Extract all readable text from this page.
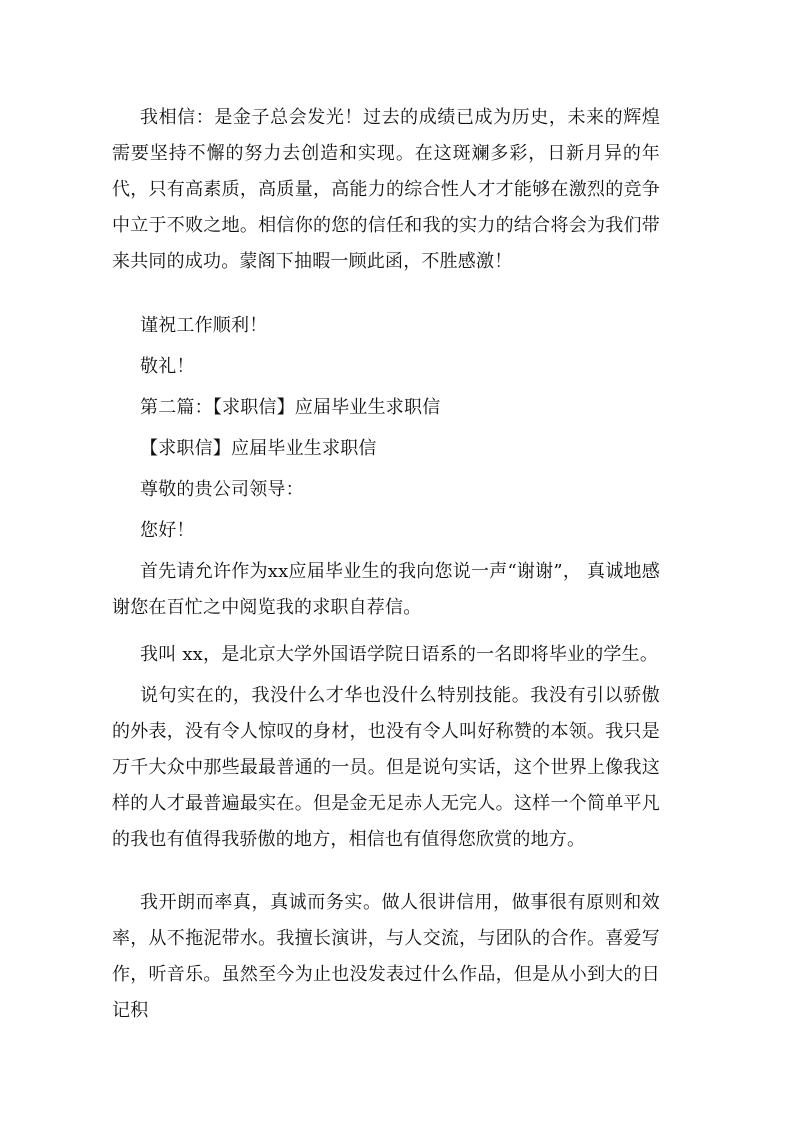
我相信：是金子总会发光！过去的成绩已成为历史，未来的辉煌需要坚持不懈的努力去创造和实现。在这斑斓多彩，日新月异的年代，只有高素质，高质量，高能力的综合性人才才能够在激烈的竞争中立于不败之地。相信你的您的信任和我的实力的结合将会为我们带来共同的成功。蒙阁下抽暇一顾此函，不胜感激！

谨祝工作顺利！

敬礼！

第二篇：【求职信】应届毕业生求职信

【求职信】应届毕业生求职信

尊敬的贵公司领导：

您好！

首先请允许作为xx应届毕业生的我向您说一声“谢谢”， 真诚地感谢您在百忙之中阅览我的求职自荐信。

我叫 xx，是北京大学外国语学院日语系的一名即将毕业的学生。

说句实在的，我没什么才华也没什么特别技能。我没有引以骄傲的外表，没有令人惊叹的身材，也没有令人叫好称赞的本领。我只是万千大众中那些最最普通的一员。但是说句实话，这个世界上像我这样的人才最普遍最实在。但是金无足赤人无完人。这样一个简单平凡的我也有值得我骄傲的地方，相信也有值得您欣赏的地方。

我开朗而率真，真诚而务实。做人很讲信用，做事很有原则和效率，从不拖泥带水。我擅长演讲，与人交流，与团队的合作。喜爱写作，听音乐。虽然至今为止也没发表过什么作品，但是从小到大的日记积
